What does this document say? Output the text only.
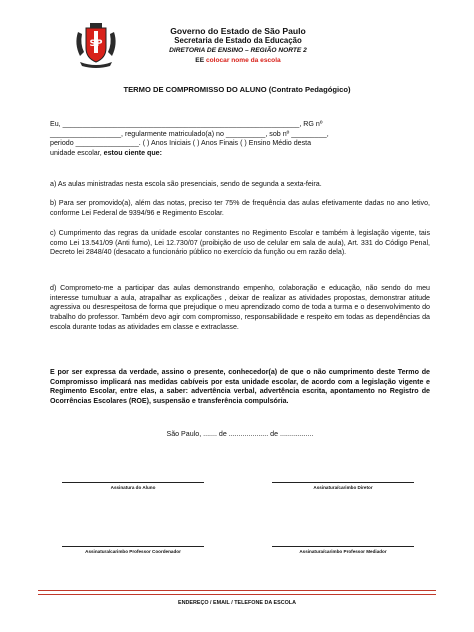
SP
Governo do Estado de São Paulo
Secretaria de Estado da Educação
DIRETORIA DE ENSINO – REGIÃO NORTE 2
EE colocar nome da escola
TERMO DE COMPROMISSO DO ALUNO (Contrato Pedagógico)
Eu, ____________________________________________________________, RG nº
__________________, regularmente matriculado(a) no __________, sob nº _________,
periodo ________________. ( ) Anos Iniciais ( ) Anos Finais ( ) Ensino Médio desta
unidade escolar, estou ciente que:
a) As aulas ministradas nesta escola são presenciais, sendo de segunda a sexta-feira.
b) Para ser promovido(a), além das notas, preciso ter 75% de frequência das aulas efetivamente dadas no ano letivo, conforme Lei Federal de 9394/96 e Regimento Escolar.
c) Cumprimento das regras da unidade escolar constantes no Regimento Escolar e também à legislação vigente, tais como Lei 13.541/09 (Anti fumo), Lei 12.730/07 (proibição de uso de celular em sala de aula), Art. 331 do Código Penal, Decreto lei 2848/40 (desacato a funcionário público no exercício da função ou em razão dela).
d) Comprometo-me a participar das aulas demonstrando empenho, colaboração e educação, não sendo do meu interesse tumultuar a aula, atrapalhar as explicações , deixar de realizar as atividades propostas, demonstrar atitude agressiva ou desrespeitosa de forma que prejudique o meu aprendizado como de toda a turma e o desenvolvimento do trabalho do professor. Também devo agir com compromisso, responsabilidade e respeito em todas as dependências da escola durante todas as atividades em classe e extraclasse.
E por ser expressa da verdade, assino o presente, conhecedor(a) de que o não cumprimento deste Termo de Compromisso implicará nas medidas cabíveis por esta unidade escolar, de acordo com a legislação vigente e Regimento Escolar, entre elas, a saber: advertência verbal, advertência escrita, apontamento no Registro de Ocorrências Escolares (ROE), suspensão e transferência compulsória.
São Paulo, ....... de .................... de .................
Assinatura do Aluno	Assinatura/carimbo Diretor
Assinatura/carimbo Professor Coordenador	Assinatura/carimbo Professor Mediador
ENDEREÇO / EMAIL / TELEFONE DA ESCOLA
